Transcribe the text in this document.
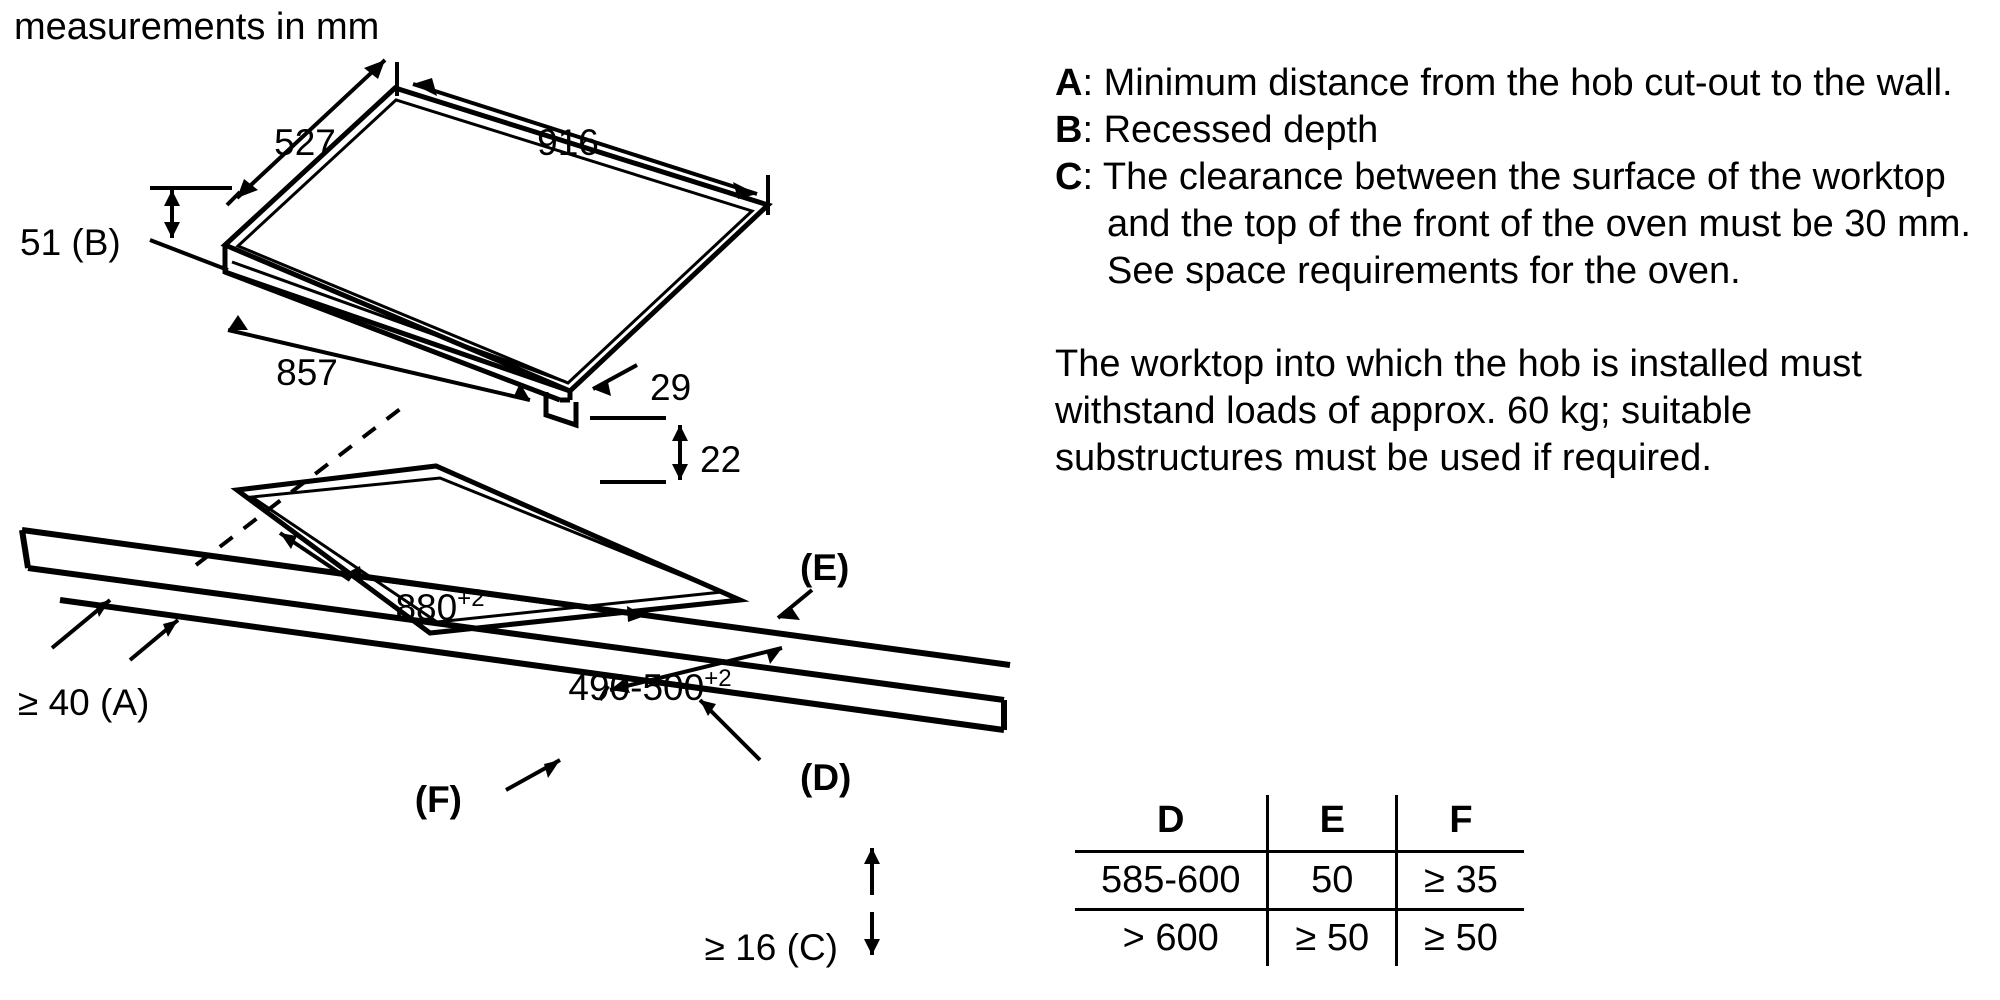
measurements in mm
916
527
51 (B)
857	29
22
$880^{+2}$
$490-500^{+2}$
≥ 40 (A)
≥ 16 (C)
(D)
(E)
(F)
A: Minimum distance from the hob cut-out to the wall.
B: Recessed depth
C: The clearance between the surface of the worktop and the top of the front of the oven must be 30 mm. See space requirements for the oven.

The worktop into which the hob is installed must withstand loads of approx. 60 kg; suitable substructures must be used if required.

D	E	F
585-600	50	≥ 35
> 600	≥ 50	≥ 50
